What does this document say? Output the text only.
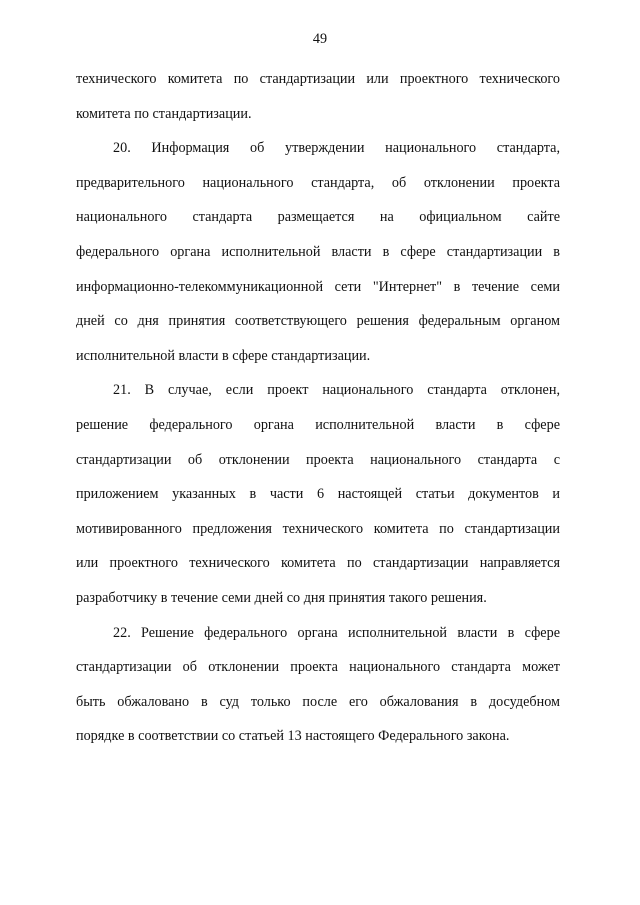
49
технического комитета по стандартизации или проектного технического
комитета по стандартизации.
20. Информация об утверждении национального стандарта,
предварительного национального стандарта, об отклонении проекта
национального стандарта размещается на официальном сайте
федерального органа исполнительной власти в сфере стандартизации в
информационно-телекоммуникационной сети "Интернет" в течение семи
дней со дня принятия соответствующего решения федеральным органом
исполнительной власти в сфере стандартизации.
21. В случае, если проект национального стандарта отклонен,
решение федерального органа исполнительной власти в сфере
стандартизации об отклонении проекта национального стандарта с
приложением указанных в части 6 настоящей статьи документов и
мотивированного предложения технического комитета по стандартизации
или проектного технического комитета по стандартизации направляется
разработчику в течение семи дней со дня принятия такого решения.
22. Решение федерального органа исполнительной власти в сфере
стандартизации об отклонении проекта национального стандарта может
быть обжаловано в суд только после его обжалования в досудебном
порядке в соответствии со статьей 13 настоящего Федерального закона.
